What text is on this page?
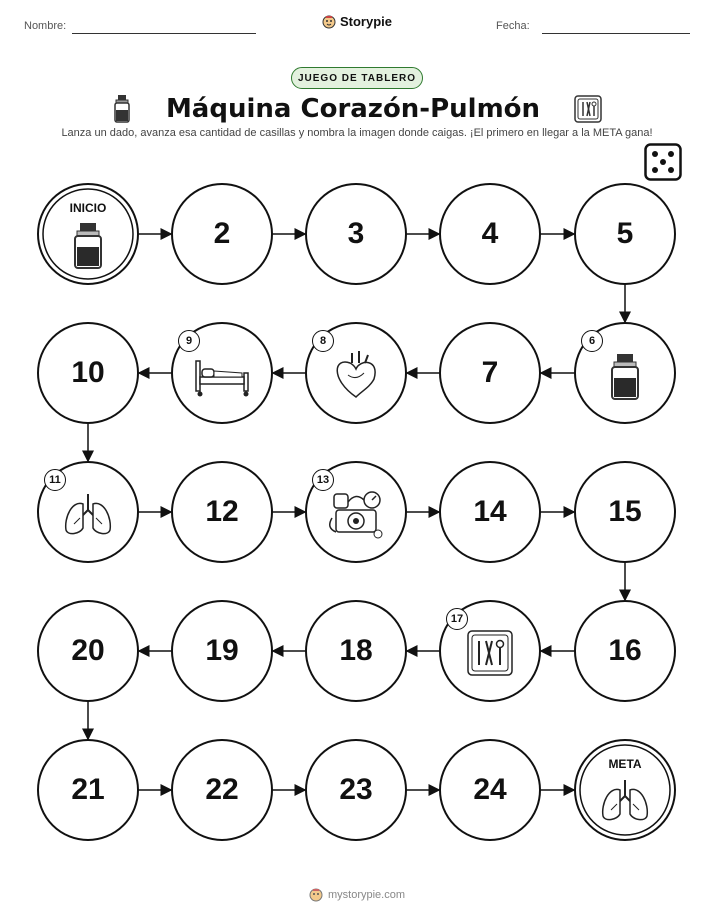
Nombre:	Storypie	Fecha:
JUEGO DE TABLERO
Máquina Corazón-Pulmón
Lanza un dado, avanza esa cantidad de casillas y nombra la imagen donde caigas. ¡El primero en llegar a la META gana!
INICIO
2	3	4	5
6
7
8
9
10
11
12
13
14	15
16
17
18
19
20
21	22	23	24
META
mystorypie.com
